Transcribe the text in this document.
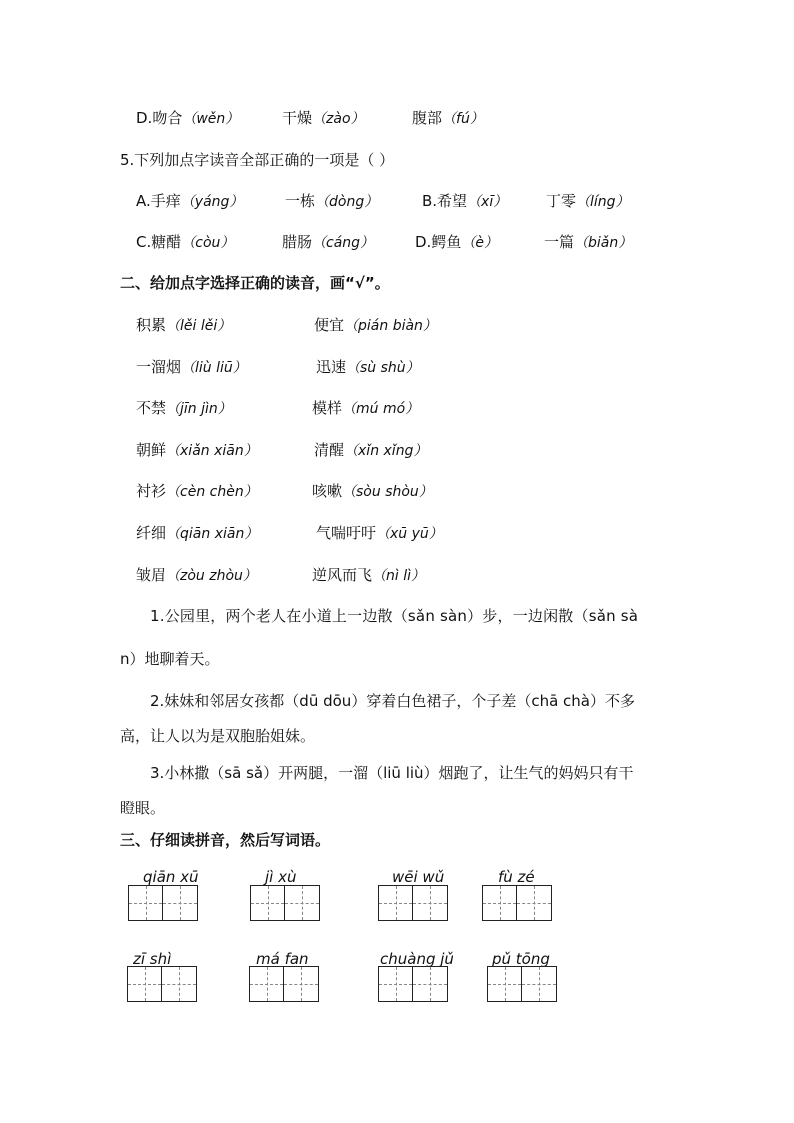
D.吻合（wěn）	干燥（zào）	腹部（fú）
5.下列加点字读音全部正确的一项是（ ）
A.手痒（yáng）	一栋（dòng）	B.希望（xī）	丁零（líng）
C.糖醋（còu）	腊肠（cáng）	D.鳄鱼（è）	一篇（biǎn）
二、给加点字选择正确的读音，画“√”。
积累（lěi lěi）	便宜（pián biàn）
一溜烟（liù liū）	迅速（sù shù）
不禁（jīn jìn）	模样（mú mó）
朝鲜（xiǎn xiān）	清醒（xǐn xǐng）
衬衫（cèn chèn）	咳嗽（sòu shòu）
纤细（qiān xiān）	气喘吁吁（xū yū）
皱眉（zòu zhòu）	逆风而飞（nì lì）
1.公园里，两个老人在小道上一边散（sǎn sàn）步，一边闲散（sǎn sà
n）地聊着天。
2.妹妹和邻居女孩都（dū dōu）穿着白色裙子，个子差（chā chà）不多
高，让人以为是双胞胎姐妹。
3.小林撒（sā sǎ）开两腿，一溜（liū liù）烟跑了，让生气的妈妈只有干
瞪眼。
三、仔细读拼音，然后写词语。
qiān xū	jì xù	wēi wǔ	fù zé
zī shì	má fan	chuàng jǔ	pǔ tōng
